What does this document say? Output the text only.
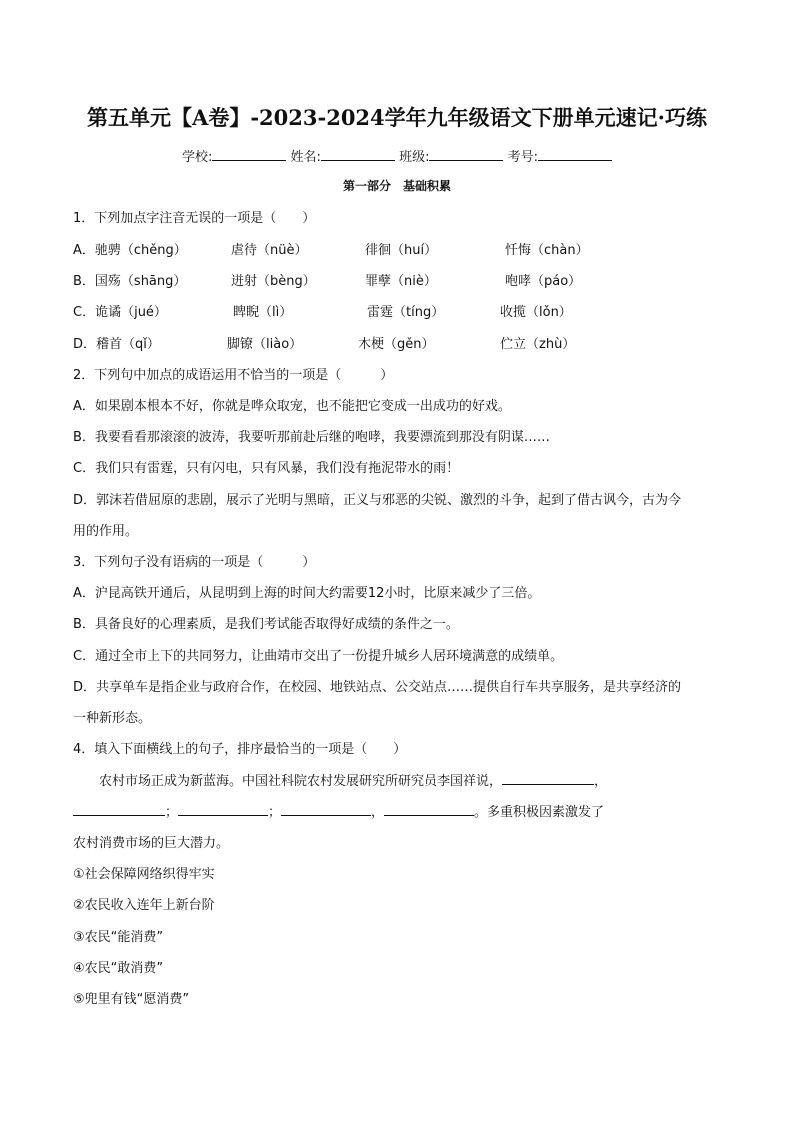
第五单元【A卷】-2023-2024学年九年级语文下册单元速记·巧练
学校:	姓名:	班级:	考号:
第一部分　基础积累
1．下列加点字注音无误的一项是（　　）
A．驰骋（chěng）	虐待（nüè）	徘徊（huí）	忏悔（chàn）
B．国殇（shāng）	迸射（bèng）	罪孽（niè）	咆哮（páo）
C．诡谲（jué）	睥睨（lì）	雷霆（tíng）	收揽（lǒn）
D．稽首（qǐ）	脚镣（liào）	木梗（gěn）	伫立（zhù）
2．下列句中加点的成语运用不恰当的一项是（　　　）
A．如果剧本根本不好，你就是哗众取宠，也不能把它变成一出成功的好戏。
B．我要看看那滚滚的波涛，我要听那前赴后继的咆哮，我要漂流到那没有阴谋……
C．我们只有雷霆，只有闪电，只有风暴，我们没有拖泥带水的雨！
D．郭沫若借屈原的悲剧，展示了光明与黑暗，正义与邪恶的尖锐、激烈的斗争，起到了借古讽今，古为今
用的作用。
3．下列句子没有语病的一项是（　　　）
A．沪昆高铁开通后，从昆明到上海的时间大约需要12小时，比原来减少了三倍。
B．具备良好的心理素质，是我们考试能否取得好成绩的条件之一。
C．通过全市上下的共同努力，让曲靖市交出了一份提升城乡人居环境满意的成绩单。
D．共享单车是指企业与政府合作，在校园、地铁站点、公交站点……提供自行车共享服务，是共享经济的
一种新形态。
4．填入下面横线上的句子，排序最恰当的一项是（　　）
农村市场正成为新蓝海。中国社科院农村发展研究所研究员李国祥说，	，
；	；	，	。多重积极因素激发了
农村消费市场的巨大潜力。
①社会保障网络织得牢实
②农民收入连年上新台阶
③农民“能消费”
④农民“敢消费”
⑤兜里有钱“愿消费”
